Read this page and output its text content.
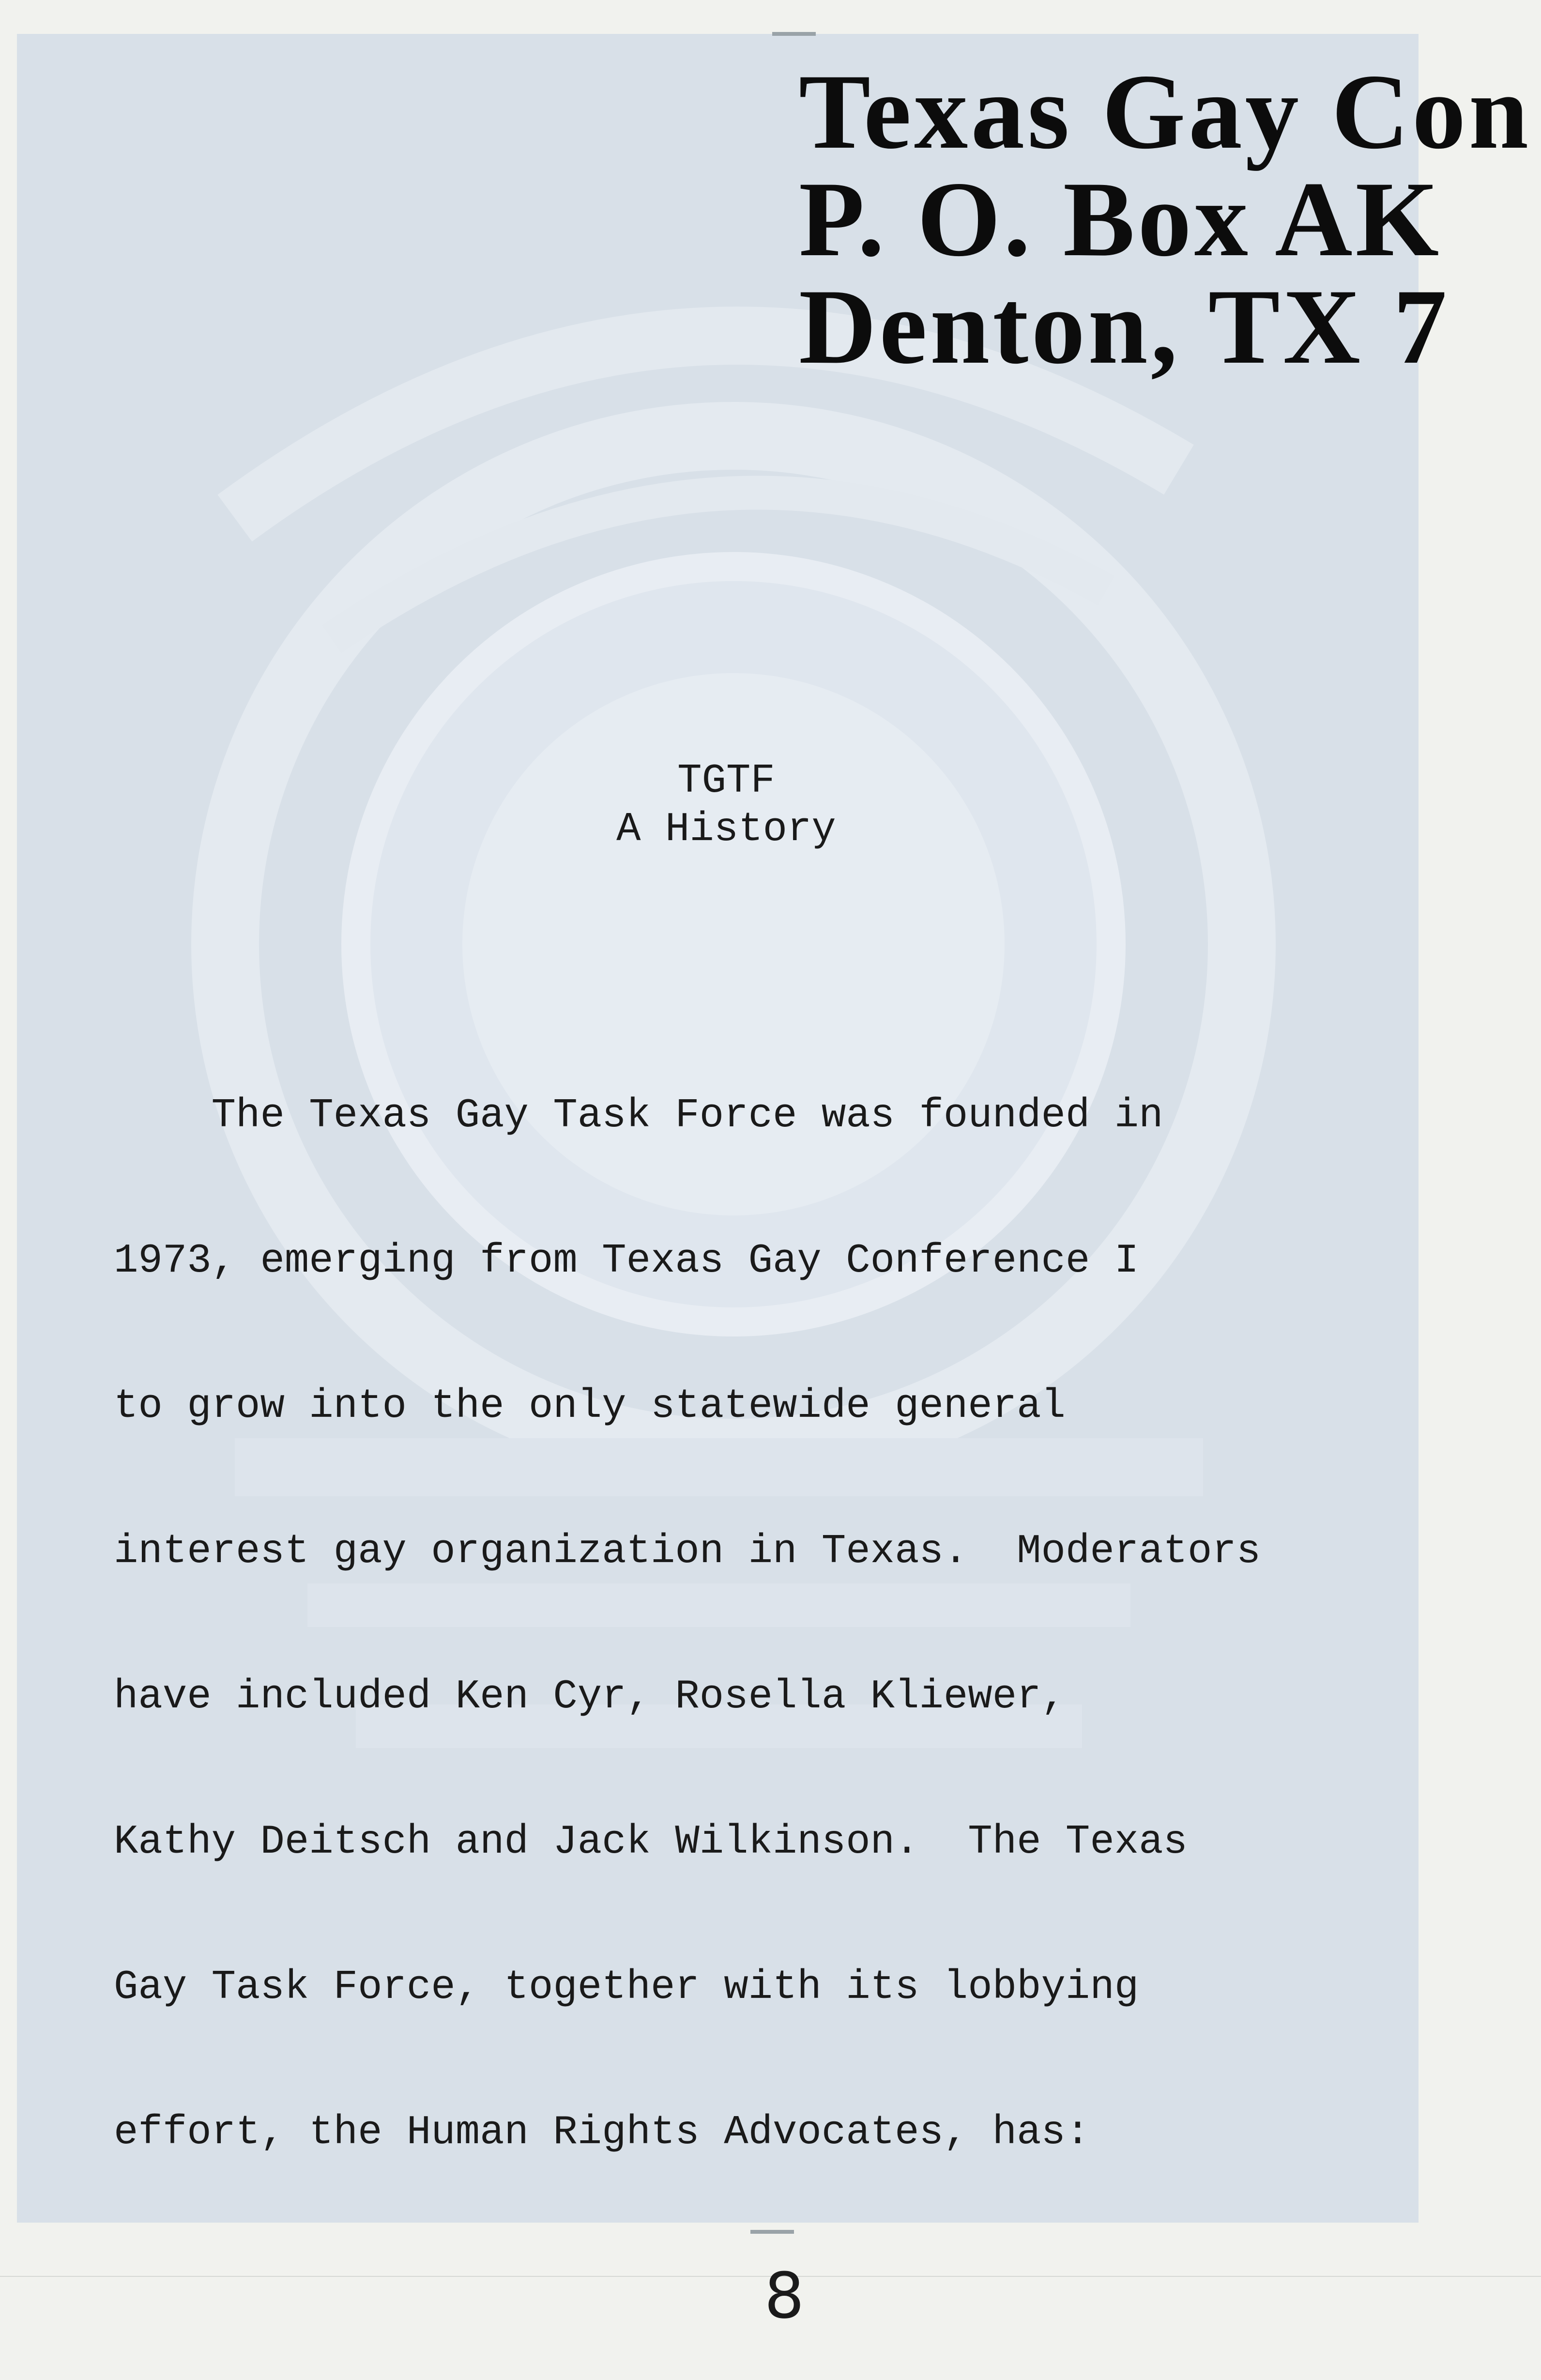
Texas Gay Con
P. O. Box AK
Denton, TX 7
TGTF
A History

The Texas Gay Task Force was founded in

1973, emerging from Texas Gay Conference I

to grow into the only statewide general

interest gay organization in Texas.  Moderators

have included Ken Cyr, Rosella Kliewer,

Kathy Deitsch and Jack Wilkinson.  The Texas

Gay Task Force, together with its lobbying

effort, the Human Rights Advocates, has:

8
